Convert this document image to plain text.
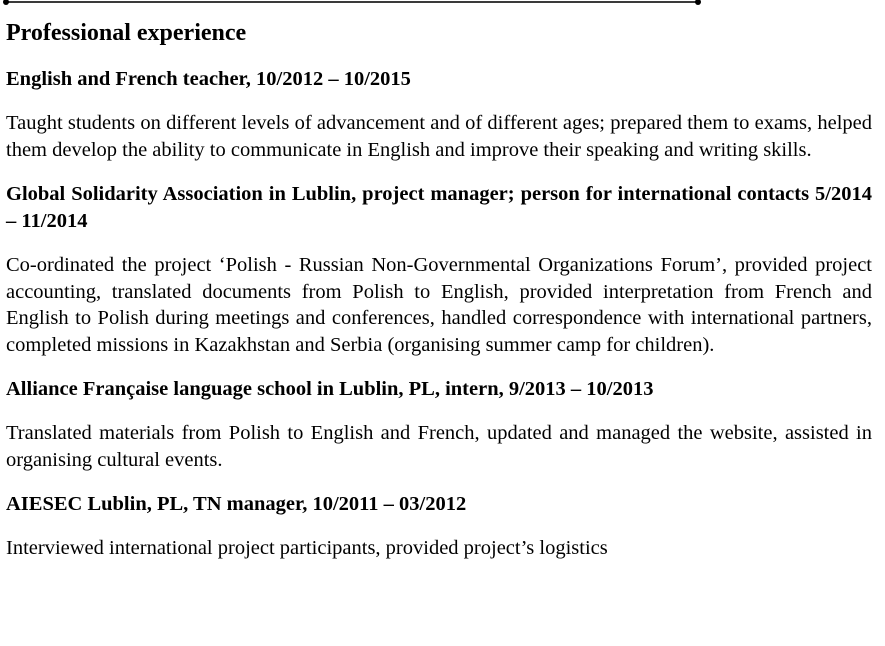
Professional experience

English and French teacher, 10/2012 – 10/2015

Taught students on different levels of advancement and of different ages; prepared them to exams, helped them develop the ability to communicate in English and improve their speaking and writing skills.

Global Solidarity Association in Lublin, project manager; person for international contacts 5/2014 – 11/2014

Co-ordinated the project ‘Polish - Russian Non-Governmental Organizations Forum’, provided project accounting, translated documents from Polish to English, provided interpretation from French and English to Polish during meetings and conferences, handled correspondence with international partners, completed missions in Kazakhstan and Serbia (organising summer camp for children).

Alliance Française language school in Lublin, PL, intern, 9/2013 – 10/2013

Translated materials from Polish to English and French, updated and managed the website, assisted in organising cultural events.

AIESEC Lublin, PL, TN manager, 10/2011 – 03/2012

Interviewed international project participants, provided project’s logistics
